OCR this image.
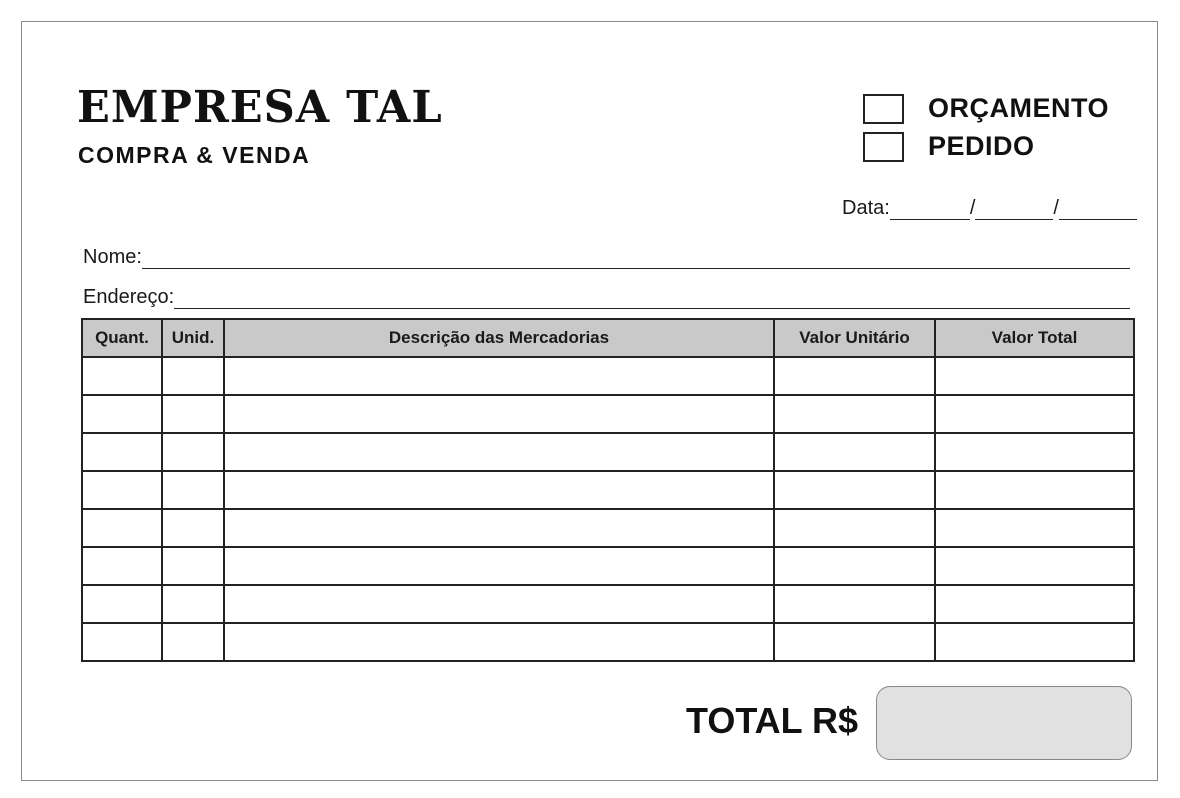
EMPRESA TAL
COMPRA & VENDA
ORÇAMENTO
PEDIDO
Data:	/	/
Nome:
Endereço:
Quant.	Unid.	Descrição das Mercadorias	Valor Unitário	Valor Total

TOTAL R$
